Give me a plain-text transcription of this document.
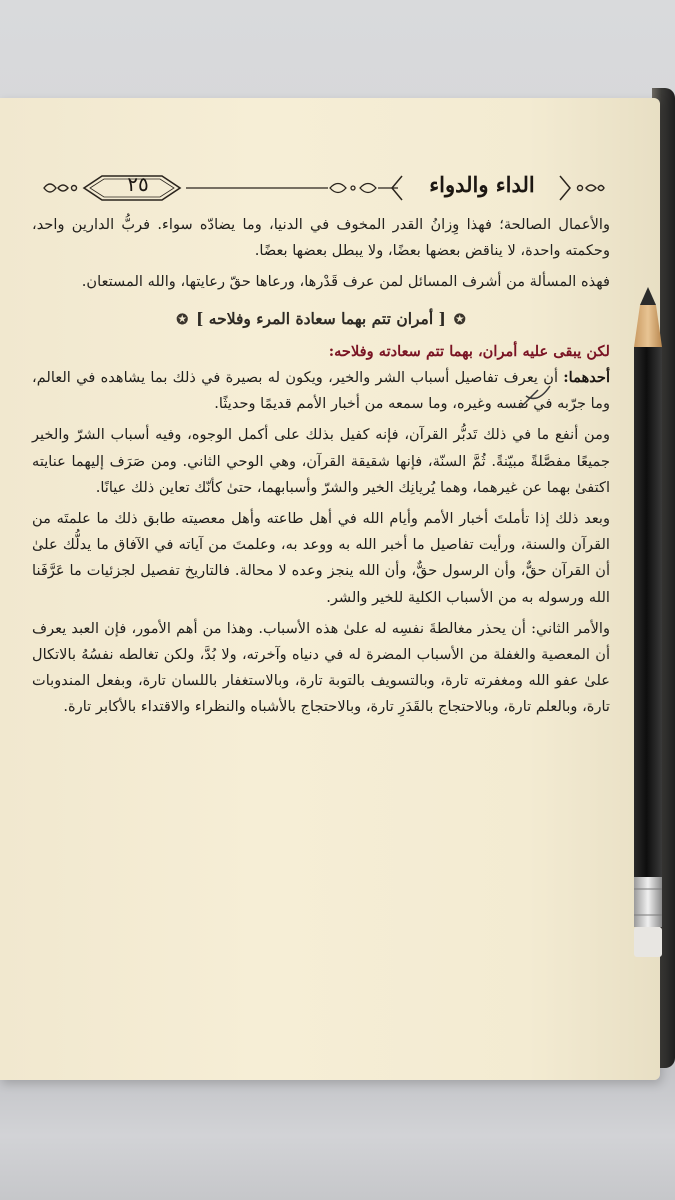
٢٥	الداء والدواء

والأعمال الصالحة؛ فهذا وِزانُ القدر المخوف في الدنيا، وما يضادّه سواء. فربُّ الدارين واحد، وحكمته واحدة، لا يناقض بعضها بعضًا، ولا يبطل بعضها بعضًا.

فهذه المسألة من أشرف المسائل لمن عرف قَدْرها، ورعاها حقّ رعايتها، والله المستعان.

✪[ أمران تتم بهما سعادة المرء وفلاحه ]✪

لكن يبقى عليه أمران، بهما تتم سعادته وفلاحه:

أحدهما: أن يعرف تفاصيل أسباب الشر والخير، ويكون له بصيرة في ذلك بما يشاهده في العالم، وما جرّبه في نفسه وغيره، وما سمعه من أخبار الأمم قديمًا وحديثًا.

ومن أنفع ما في ذلك تَدبُّر القرآن، فإنه كفيل بذلك على أكمل الوجوه، وفيه أسباب الشرّ والخير جميعًا مفصَّلةً مبيّنةً. ثُمَّ السنّة، فإنها شقيقة القرآن، وهي الوحي الثاني. ومن صَرَف إليهما عنايته اكتفىٰ بهما عن غيرهما، وهما يُريانِك الخير والشرّ وأسبابهما، حتىٰ كأنّك تعاين ذلك عيانًا.

وبعد ذلك إذا تأملتَ أخبار الأمم وأيام الله في أهل طاعته وأهل معصيته طابق ذلك ما علمتَه من القرآن والسنة، ورأيت تفاصيل ما أخبر الله به ووعد به، وعلمتَ من آياته في الآفاق ما يدلُّك علىٰ أن القرآن حقٌّ، وأن الرسول حقٌّ، وأن الله ينجز وعده لا محالة. فالتاريخ تفصيل لجزئيات ما عَرَّفَنا الله ورسوله به من الأسباب الكلية للخير والشر.

والأمر الثاني: أن يحذر مغالطةَ نفسِه له علىٰ هذه الأسباب. وهذا من أهم الأمور، فإن العبد يعرف أن المعصية والغفلة من الأسباب المضرة له في دنياه وآخرته، ولا بُدَّ، ولكن تغالطه نفسُهُ بالاتكال علىٰ عفو الله ومغفرته تارة، وبالتسويف بالتوبة تارة، وبالاستغفار باللسان تارة، وبفعل المندوبات تارة، وبالعلم تارة، وبالاحتجاج بالقَدَرِ تارة، وبالاحتجاج بالأشباه والنظراء والاقتداء بالأكابر تارة.
